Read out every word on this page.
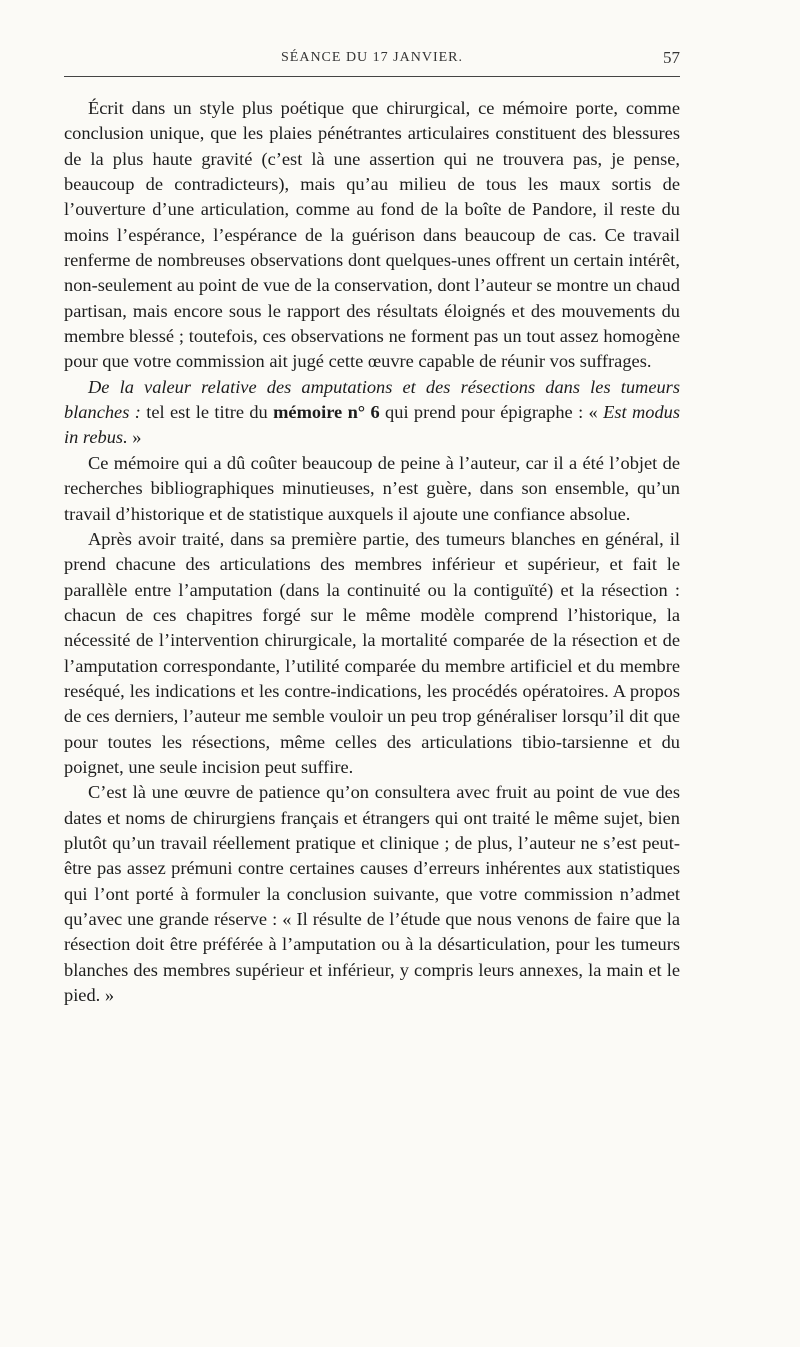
SÉANCE DU 17 JANVIER.	57

Écrit dans un style plus poétique que chirurgical, ce mémoire porte, comme conclusion unique, que les plaies pénétrantes articulaires constituent des blessures de la plus haute gravité (c’est là une assertion qui ne trouvera pas, je pense, beaucoup de contradicteurs), mais qu’au milieu de tous les maux sortis de l’ouverture d’une articulation, comme au fond de la boîte de Pandore, il reste du moins l’espérance, l’espérance de la guérison dans beaucoup de cas. Ce travail renferme de nombreuses observations dont quelques-unes offrent un certain intérêt, non-seulement au point de vue de la conservation, dont l’auteur se montre un chaud partisan, mais encore sous le rapport des résultats éloignés et des mouvements du membre blessé ; toutefois, ces observations ne forment pas un tout assez homogène pour que votre commission ait jugé cette œuvre capable de réunir vos suffrages.

De la valeur relative des amputations et des résections dans les tumeurs blanches : tel est le titre du mémoire n° 6 qui prend pour épigraphe : « Est modus in rebus. »

Ce mémoire qui a dû coûter beaucoup de peine à l’auteur, car il a été l’objet de recherches bibliographiques minutieuses, n’est guère, dans son ensemble, qu’un travail d’historique et de statistique auxquels il ajoute une confiance absolue.

Après avoir traité, dans sa première partie, des tumeurs blanches en général, il prend chacune des articulations des membres inférieur et supérieur, et fait le parallèle entre l’amputation (dans la continuité ou la contiguïté) et la résection : chacun de ces chapitres forgé sur le même modèle comprend l’historique, la nécessité de l’intervention chirurgicale, la mortalité comparée de la résection et de l’amputation correspondante, l’utilité comparée du membre artificiel et du membre reséqué, les indications et les contre-indications, les procédés opératoires. A propos de ces derniers, l’auteur me semble vouloir un peu trop généraliser lorsqu’il dit que pour toutes les résections, même celles des articulations tibio-tarsienne et du poignet, une seule incision peut suffire.

C’est là une œuvre de patience qu’on consultera avec fruit au point de vue des dates et noms de chirurgiens français et étrangers qui ont traité le même sujet, bien plutôt qu’un travail réellement pratique et clinique ; de plus, l’auteur ne s’est peut-être pas assez prémuni contre certaines causes d’erreurs inhérentes aux statistiques qui l’ont porté à formuler la conclusion suivante, que votre commission n’admet qu’avec une grande réserve : « Il résulte de l’étude que nous venons de faire que la résection doit être préférée à l’amputation ou à la désarticulation, pour les tumeurs blanches des membres supérieur et inférieur, y compris leurs annexes, la main et le pied. »
